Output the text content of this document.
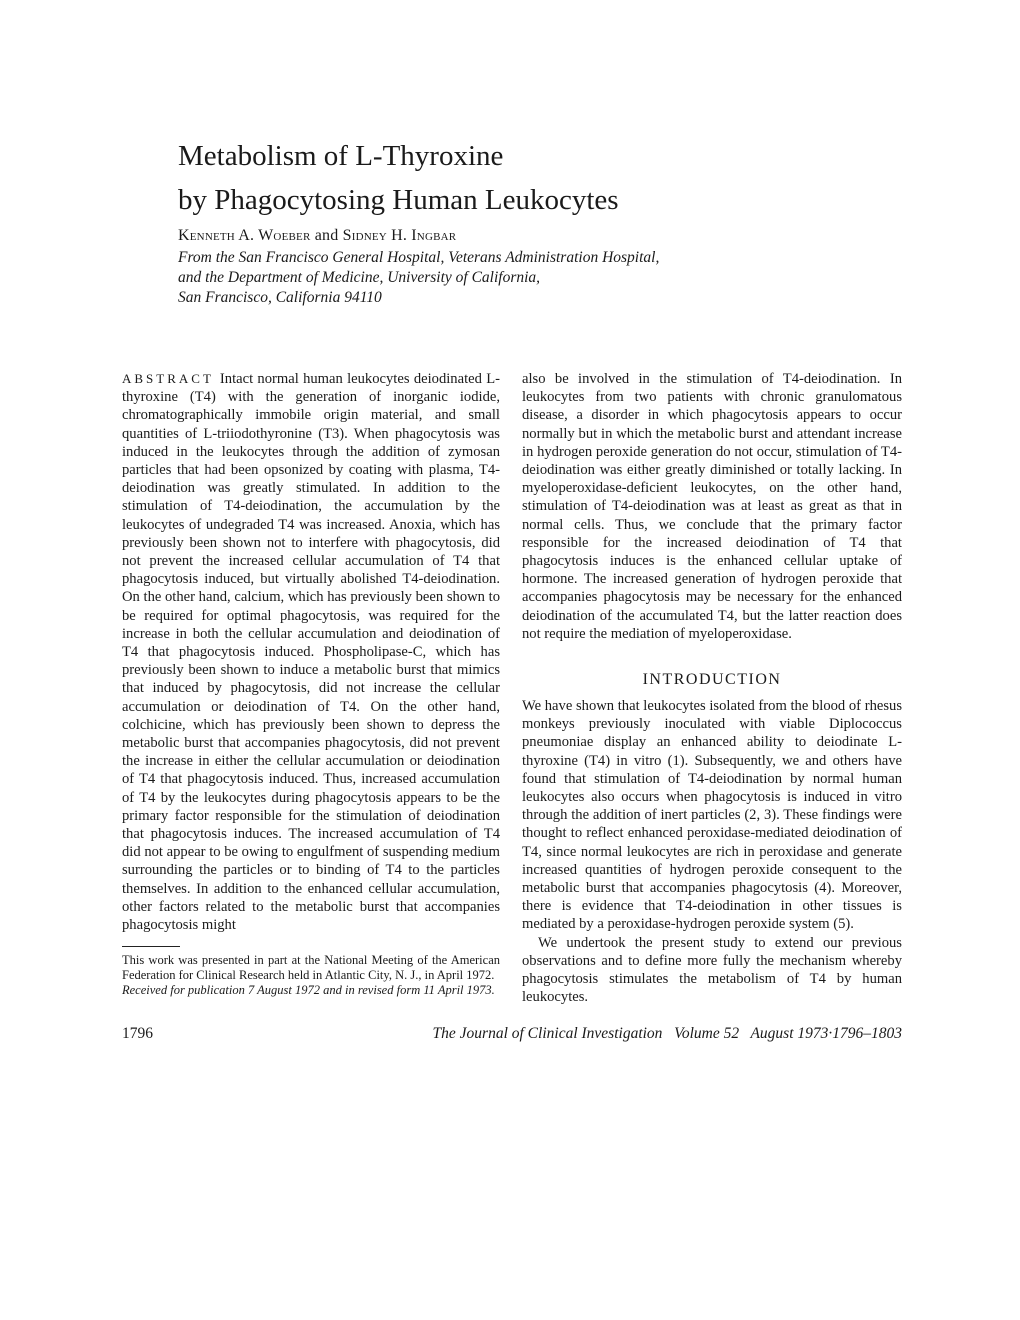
Metabolism of L-Thyroxine
by Phagocytosing Human Leukocytes
Kenneth A. Woeber and Sidney H. Ingbar
From the San Francisco General Hospital, Veterans Administration Hospital,
and the Department of Medicine, University of California,
San Francisco, California 94110

ABSTRACT Intact normal human leukocytes deiodinated L-thyroxine (T4) with the generation of inorganic iodide, chromatographically immobile origin material, and small quantities of L-triiodothyronine (T3). When phagocytosis was induced in the leukocytes through the addition of zymosan particles that had been opsonized by coating with plasma, T4-deiodination was greatly stimulated. In addition to the stimulation of T4-deiodination, the accumulation by the leukocytes of undegraded T4 was increased. Anoxia, which has previously been shown not to interfere with phagocytosis, did not prevent the increased cellular accumulation of T4 that phagocytosis induced, but virtually abolished T4-deiodination. On the other hand, calcium, which has previously been shown to be required for optimal phagocytosis, was required for the increase in both the cellular accumulation and deiodination of T4 that phagocytosis induced. Phospholipase-C, which has previously been shown to induce a metabolic burst that mimics that induced by phagocytosis, did not increase the cellular accumulation or deiodination of T4. On the other hand, colchicine, which has previously been shown to depress the metabolic burst that accompanies phagocytosis, did not prevent the increase in either the cellular accumulation or deiodination of T4 that phagocytosis induced. Thus, increased accumulation of T4 by the leukocytes during phagocytosis appears to be the primary factor responsible for the stimulation of deiodination that phagocytosis induces. The increased accumulation of T4 did not appear to be owing to engulfment of suspending medium surrounding the particles or to binding of T4 to the particles themselves. In addition to the enhanced cellular accumulation, other factors related to the metabolic burst that accompanies phagocytosis might

This work was presented in part at the National Meeting of the American Federation for Clinical Research held in Atlantic City, N. J., in April 1972.

Received for publication 7 August 1972 and in revised form 11 April 1973.

also be involved in the stimulation of T4-deiodination. In leukocytes from two patients with chronic granulomatous disease, a disorder in which phagocytosis appears to occur normally but in which the metabolic burst and attendant increase in hydrogen peroxide generation do not occur, stimulation of T4-deiodination was either greatly diminished or totally lacking. In myeloperoxidase-deficient leukocytes, on the other hand, stimulation of T4-deiodination was at least as great as that in normal cells. Thus, we conclude that the primary factor responsible for the increased deiodination of T4 that phagocytosis induces is the enhanced cellular uptake of hormone. The increased generation of hydrogen peroxide that accompanies phagocytosis may be necessary for the enhanced deiodination of the accumulated T4, but the latter reaction does not require the mediation of myeloperoxidase.

INTRODUCTION

We have shown that leukocytes isolated from the blood of rhesus monkeys previously inoculated with viable Diplococcus pneumoniae display an enhanced ability to deiodinate L-thyroxine (T4) in vitro (1). Subsequently, we and others have found that stimulation of T4-deiodination by normal human leukocytes also occurs when phagocytosis is induced in vitro through the addition of inert particles (2, 3). These findings were thought to reflect enhanced peroxidase-mediated deiodination of T4, since normal leukocytes are rich in peroxidase and generate increased quantities of hydrogen peroxide consequent to the metabolic burst that accompanies phagocytosis (4). Moreover, there is evidence that T4-deiodination in other tissues is mediated by a peroxidase-hydrogen peroxide system (5).

We undertook the present study to extend our previous observations and to define more fully the mechanism whereby phagocytosis stimulates the metabolism of T4 by human leukocytes.

1796	The Journal of Clinical Investigation Volume 52 August 1973·1796–1803
